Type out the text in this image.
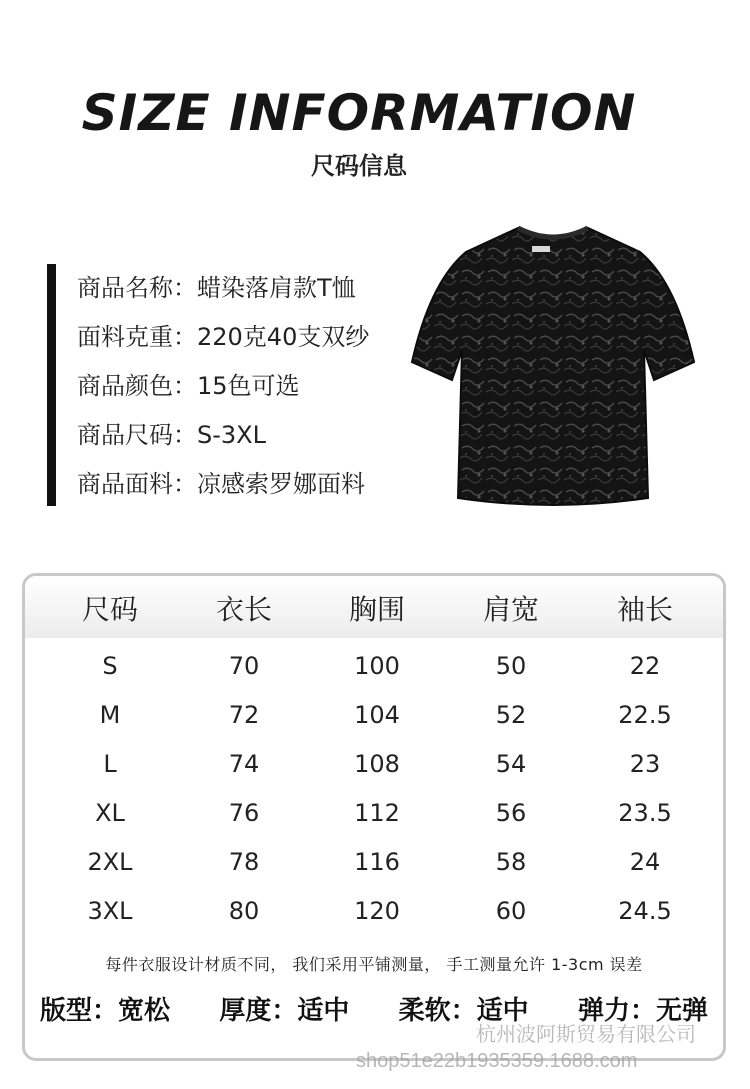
SIZE INFORMATION
尺码信息
商品名称： 蜡染落肩款T恤
面料克重： 220克40支双纱
商品颜色： 15色可选
商品尺码： S-3XL
商品面料： 凉感索罗娜面料
尺码	衣长	胸围	肩宽	袖长
S	70	100	50	22
M	72	104	52	22.5
L	74	108	54	23
XL	76	112	56	23.5
2XL	78	116	58	24
3XL	80	120	60	24.5
每件衣服设计材质不同， 我们采用平铺测量， 手工测量允许 1-3cm 误差
版型：宽松 厚度：适中 柔软：适中 弹力：无弹
杭州波阿斯贸易有限公司
shop51e22b1935359.1688.com
